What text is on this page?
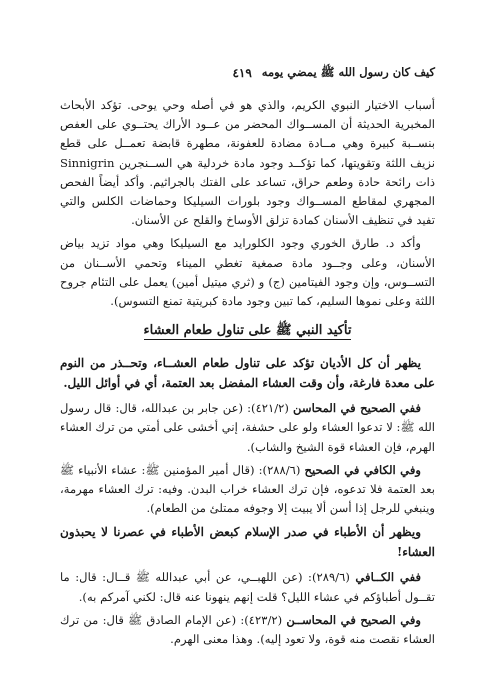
كيف كان رسول الله ﷺ يمضي يومه
٤١٩

أسباب الاختيار النبوي الكريم، والذي هو في أصله وحي يوحى. تؤكد الأبحاث المخبرية الحديثة أن المســواك المحضر من عــود الأراك يحتــوي على العفص بنســبة كبيرة وهي مــادة مضادة للعفونة، مطهرة قابضة تعمــل على قطع نزيف اللثة وتقويتها، كما تؤكــد وجود مادة خردلية هي الســنجرين Sinnigrin ذات رائحة حادة وطعم حراق، تساعد على الفتك بالجراثيم. وأكد أيضاً الفحص المجهري لمقاطع المســواك وجود بلورات السيليكا وحماضات الكلس والتي تفيد في تنظيف الأسنان كمادة تزلق الأوساخ والقلح عن الأسنان.

وأكد د. طارق الخوري وجود الكلورايد مع السيليكا وهي مواد تزيد بياض الأسنان، وعلى وجــود مادة صمغية تغطي الميناء وتحمي الأســنان من التســوس، وإن وجود الفيتامين (ج) و (ثري ميتيل أمين) يعمل على التئام جروح اللثة وعلى نموها السليم، كما تبين وجود مادة كبريتية تمنع التسوس).

تأكيد النبي ﷺ على تناول طعام العشاء

يظهر أن كل الأديان تؤكد على تناول طعام العشــاء، وتحــذر من النوم على معدة فارغة، وأن وقت العشاء المفضل بعد العتمة، أي في أوائل الليل.

ففي الصحيح في المحاسن (٤٢١/٢): (عن جابر بن عبدالله، قال: قال رسول الله ﷺ: لا تدعوا العشاء ولو على حشفة، إني أخشى على أمتي من ترك العشاء الهرم، فإن العشاء قوة الشيخ والشاب).

وفي الكافي في الصحيح (٢٨٨/٦): (قال أمير المؤمنين ﷺ: عشاء الأنبياء ﷺ بعد العتمة فلا تدعوه، فإن ترك العشاء خراب البدن. وفيه: ترك العشاء مهرمة، وينبغي للرجل إذا أسن ألا يبيت إلا وجوفه ممتلئ من الطعام).

ويظهر أن الأطباء في صدر الإسلام كبعض الأطباء في عصرنا لا يحبذون العشاء!

ففي الكــافي (٢٨٩/٦): (عن اللهبــي، عن أبي عبدالله ﷺ قــال: قال: ما تقــول أطباؤكم في عشاء الليل؟ قلت إنهم ينهونا عنه قال: لكني آمركم به).

وفي الصحيح في المحاســن (٤٢٣/٢): (عن الإمام الصادق ﷺ قال: من ترك العشاء نقصت منه قوة، ولا تعود إليه). وهذا معنى الهرم.
